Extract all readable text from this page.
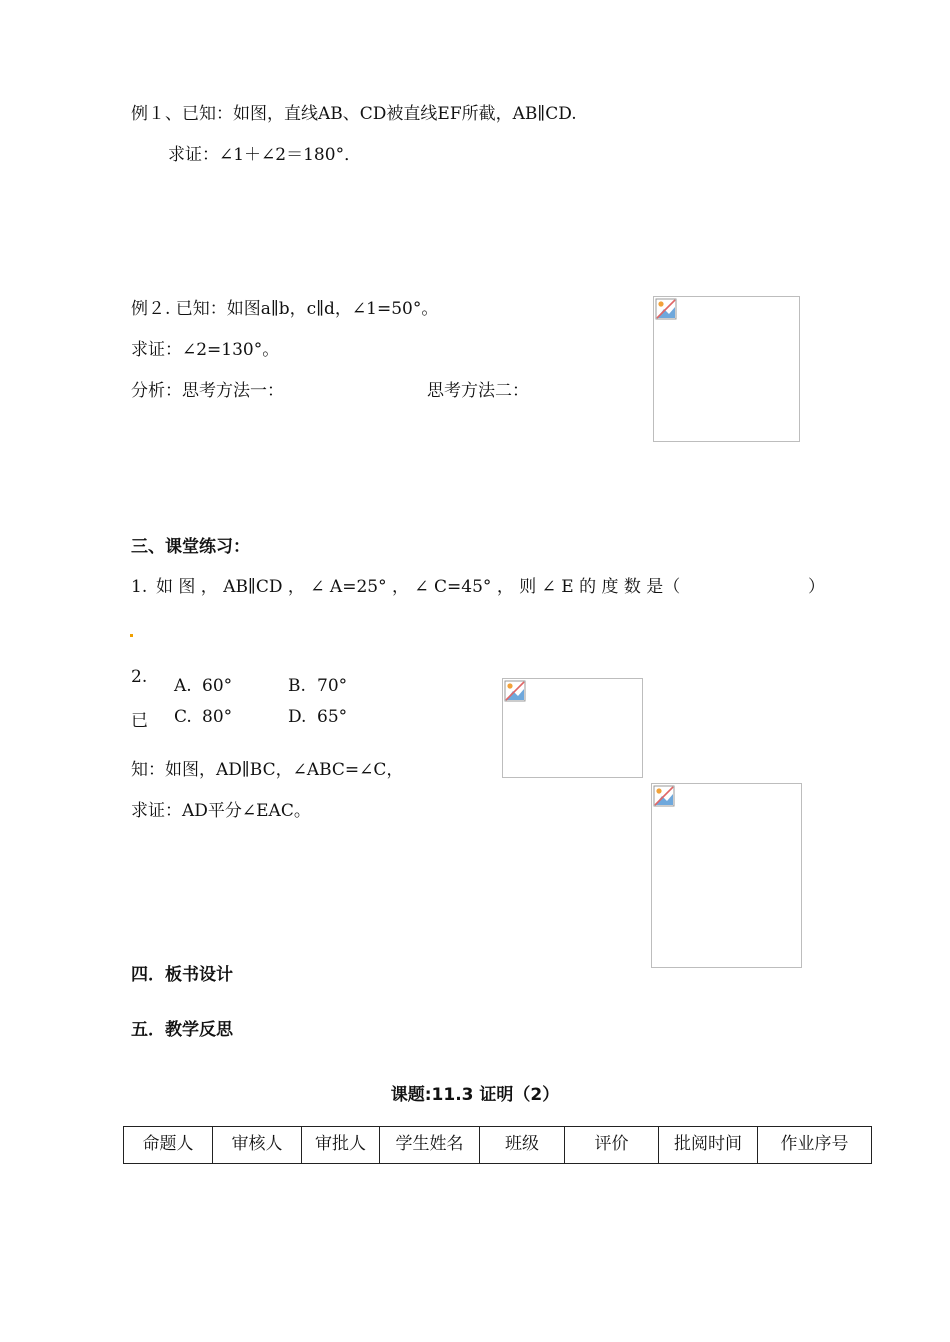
例１、已知：如图，直线AB、CD被直线EF所截，AB∥CD.
求证：∠1＋∠2＝180°．
例２. 已知：如图a∥b，c∥d，∠1=50°。
求证：∠2=130°。
分析：思考方法一：	思考方法二：
三、课堂练习：
1. 如 图 ， AB∥CD ， ∠ A=25° ， ∠ C=45° ， 则 ∠ E 的 度 数 是（	）
2.
已
A. 60°	B. 70°
C. 80°	D. 65°
知：如图，AD∥BC，∠ABC=∠C，
求证：AD平分∠EAC。
四．板书设计
五．教学反思
课题:11.3 证明（2）
命题人	审核人	审批人	学生姓名	班级	评价	批阅时间	作业序号
